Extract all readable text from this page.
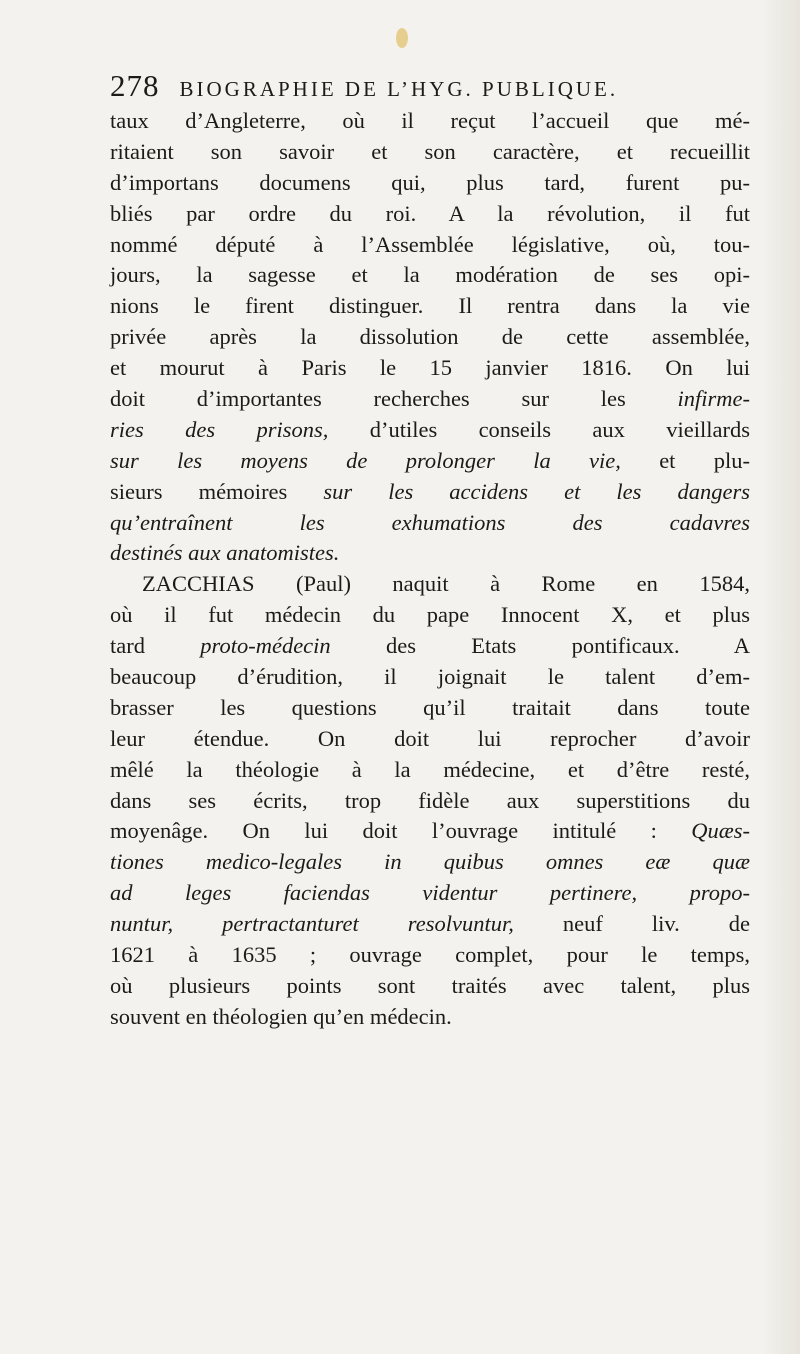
278 BIOGRAPHIE DE L’HYG. PUBLIQUE.
taux d’Angleterre, où il reçut l’accueil que mé-
ritaient son savoir et son caractère, et recueillit
d’importans documens qui, plus tard, furent pu-
bliés par ordre du roi. A la révolution, il fut
nommé député à l’Assemblée législative, où, tou-
jours, la sagesse et la modération de ses opi-
nions le firent distinguer. Il rentra dans la vie
privée après la dissolution de cette assemblée,
et mourut à Paris le 15 janvier 1816. On lui
doit d’importantes recherches sur les infirme-
ries des prisons, d’utiles conseils aux vieillards
sur les moyens de prolonger la vie, et plu-
sieurs mémoires sur les accidens et les dangers
qu’entraînent les exhumations des cadavres
destinés aux anatomistes.
ZACCHIAS (Paul) naquit à Rome en 1584,
où il fut médecin du pape Innocent X, et plus
tard proto-médecin des Etats pontificaux. A
beaucoup d’érudition, il joignait le talent d’em-
brasser les questions qu’il traitait dans toute
leur étendue. On doit lui reprocher d’avoir
mêlé la théologie à la médecine, et d’être resté,
dans ses écrits, trop fidèle aux superstitions du
moyenâge. On lui doit l’ouvrage intitulé : Quæs-
tiones medico-legales in quibus omnes eæ quæ
ad leges faciendas videntur pertinere, propo-
nuntur, pertractanturet resolvuntur, neuf liv. de
1621 à 1635 ; ouvrage complet, pour le temps,
où plusieurs points sont traités avec talent, plus
souvent en théologien qu’en médecin.
